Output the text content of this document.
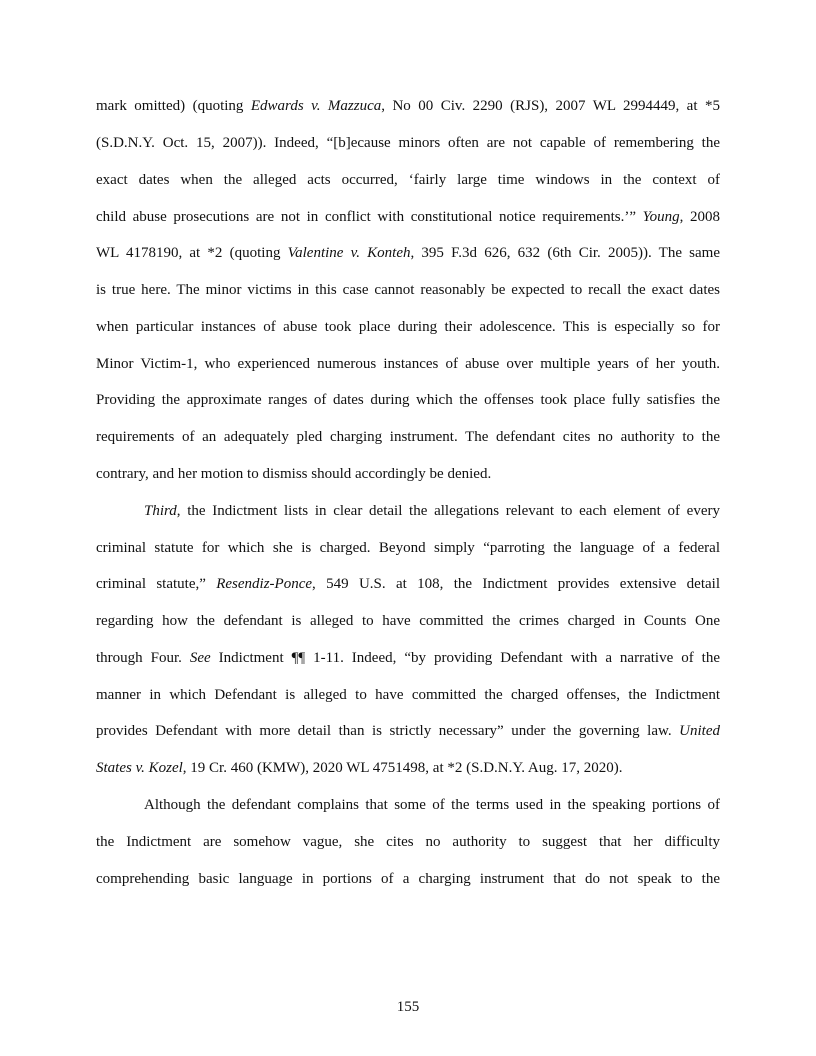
mark omitted) (quoting Edwards v. Mazzuca, No 00 Civ. 2290 (RJS), 2007 WL 2994449, at *5
(S.D.N.Y. Oct. 15, 2007)). Indeed, “[b]ecause minors often are not capable of remembering the
exact dates when the alleged acts occurred, ‘fairly large time windows in the context of
child abuse prosecutions are not in conflict with constitutional notice requirements.’” Young, 2008
WL 4178190, at *2 (quoting Valentine v. Konteh, 395 F.3d 626, 632 (6th Cir. 2005)). The same
is true here. The minor victims in this case cannot reasonably be expected to recall the exact dates
when particular instances of abuse took place during their adolescence. This is especially so for
Minor Victim-1, who experienced numerous instances of abuse over multiple years of her youth.
Providing the approximate ranges of dates during which the offenses took place fully satisfies the
requirements of an adequately pled charging instrument. The defendant cites no authority to the
contrary, and her motion to dismiss should accordingly be denied.
Third, the Indictment lists in clear detail the allegations relevant to each element of every
criminal statute for which she is charged. Beyond simply “parroting the language of a federal
criminal statute,” Resendiz-Ponce, 549 U.S. at 108, the Indictment provides extensive detail
regarding how the defendant is alleged to have committed the crimes charged in Counts One
through Four. See Indictment ¶¶ 1-11. Indeed, “by providing Defendant with a narrative of the
manner in which Defendant is alleged to have committed the charged offenses, the Indictment
provides Defendant with more detail than is strictly necessary” under the governing law. United
States v. Kozel, 19 Cr. 460 (KMW), 2020 WL 4751498, at *2 (S.D.N.Y. Aug. 17, 2020).
Although the defendant complains that some of the terms used in the speaking portions of
the Indictment are somehow vague, she cites no authority to suggest that her difficulty
comprehending basic language in portions of a charging instrument that do not speak to the
155
